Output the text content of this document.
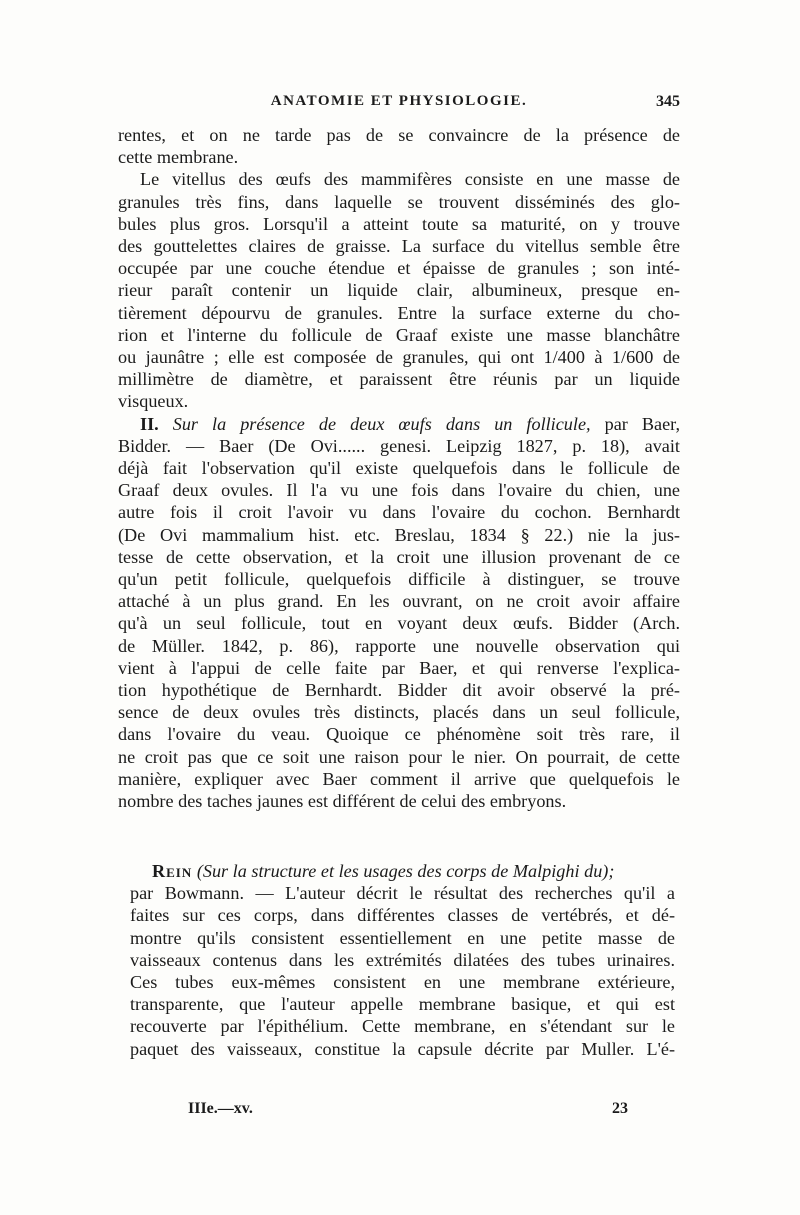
ANATOMIE ET PHYSIOLOGIE.	345
rentes, et on ne tarde pas de se convaincre de la présence de
cette membrane.
Le vitellus des œufs des mammifères consiste en une masse de
granules très fins, dans laquelle se trouvent disséminés des glo-
bules plus gros. Lorsqu'il a atteint toute sa maturité, on y trouve
des gouttelettes claires de graisse. La surface du vitellus semble être
occupée par une couche étendue et épaisse de granules ; son inté-
rieur paraît contenir un liquide clair, albumineux, presque en-
tièrement dépourvu de granules. Entre la surface externe du cho-
rion et l'interne du follicule de Graaf existe une masse blanchâtre
ou jaunâtre ; elle est composée de granules, qui ont 1/400 à 1/600 de
millimètre de diamètre, et paraissent être réunis par un liquide
visqueux.
II. Sur la présence de deux œufs dans un follicule, par Baer,
Bidder. — Baer (De Ovi...... genesi. Leipzig 1827, p. 18), avait
déjà fait l'observation qu'il existe quelquefois dans le follicule de
Graaf deux ovules. Il l'a vu une fois dans l'ovaire du chien, une
autre fois il croit l'avoir vu dans l'ovaire du cochon. Bernhardt
(De Ovi mammalium hist. etc. Breslau, 1834 § 22.) nie la jus-
tesse de cette observation, et la croit une illusion provenant de ce
qu'un petit follicule, quelquefois difficile à distinguer, se trouve
attaché à un plus grand. En les ouvrant, on ne croit avoir affaire
qu'à un seul follicule, tout en voyant deux œufs. Bidder (Arch.
de Müller. 1842, p. 86), rapporte une nouvelle observation qui
vient à l'appui de celle faite par Baer, et qui renverse l'explica-
tion hypothétique de Bernhardt. Bidder dit avoir observé la pré-
sence de deux ovules très distincts, placés dans un seul follicule,
dans l'ovaire du veau. Quoique ce phénomène soit très rare, il
ne croit pas que ce soit une raison pour le nier. On pourrait, de cette
manière, expliquer avec Baer comment il arrive que quelquefois le
nombre des taches jaunes est différent de celui des embryons.
Rein (Sur la structure et les usages des corps de Malpighi du);
par Bowmann. — L'auteur décrit le résultat des recherches qu'il a
faites sur ces corps, dans différentes classes de vertébrés, et dé-
montre qu'ils consistent essentiellement en une petite masse de
vaisseaux contenus dans les extrémités dilatées des tubes urinaires.
Ces tubes eux-mêmes consistent en une membrane extérieure,
transparente, que l'auteur appelle membrane basique, et qui est
recouverte par l'épithélium. Cette membrane, en s'étendant sur le
paquet des vaisseaux, constitue la capsule décrite par Muller. L'é-
IIIe.—xv.	23
